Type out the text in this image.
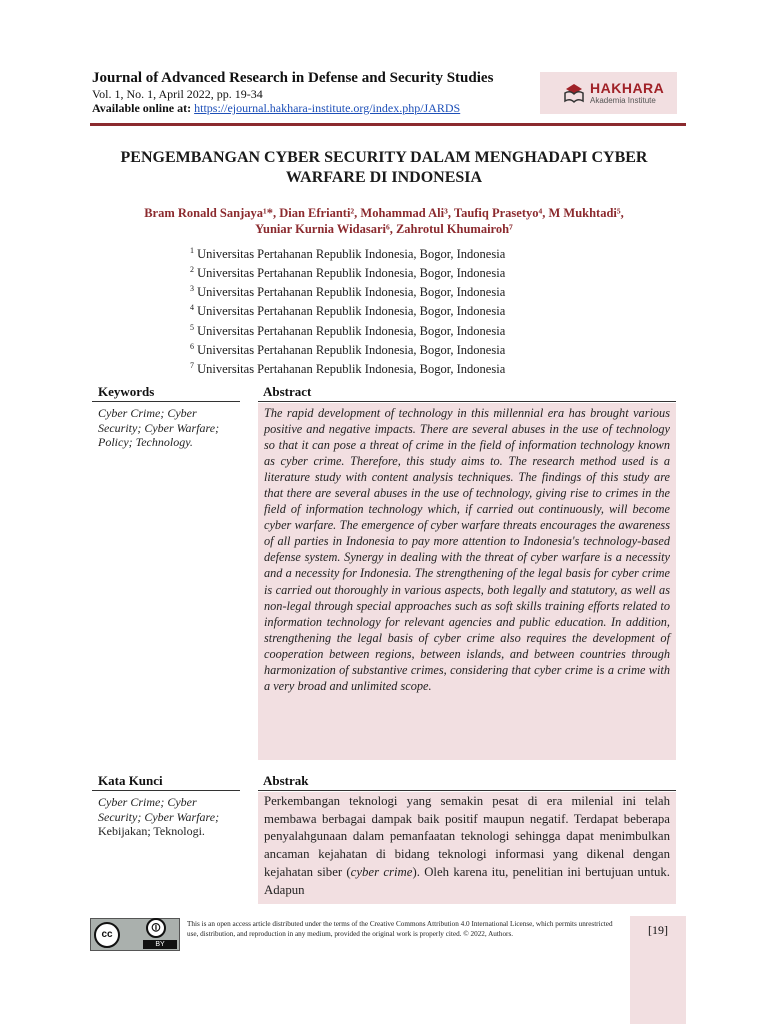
Journal of Advanced Research in Defense and Security Studies
Vol. 1, No. 1, April 2022, pp. 19-34
Available online at: https://ejournal.hakhara-institute.org/index.php/JARDS
HAKHARA
Akademia Institute
PENGEMBANGAN CYBER SECURITY DALAM MENGHADAPI CYBER
WARFARE DI INDONESIA
Bram Ronald Sanjaya¹*, Dian Efrianti², Mohammad Ali³, Taufiq Prasetyo⁴, M Mukhtadi⁵,
Yuniar Kurnia Widasari⁶, Zahrotul Khumairoh⁷
$^1$ Universitas Pertahanan Republik Indonesia, Bogor, Indonesia
$^2$ Universitas Pertahanan Republik Indonesia, Bogor, Indonesia
$^3$ Universitas Pertahanan Republik Indonesia, Bogor, Indonesia
$^4$ Universitas Pertahanan Republik Indonesia, Bogor, Indonesia
$^5$ Universitas Pertahanan Republik Indonesia, Bogor, Indonesia
$^6$ Universitas Pertahanan Republik Indonesia, Bogor, Indonesia
$^7$ Universitas Pertahanan Republik Indonesia, Bogor, Indonesia
Keywords
Cyber Crime; Cyber Security; Cyber Warfare; Policy; Technology.
Abstract
The rapid development of technology in this millennial era has brought various positive and negative impacts. There are several abuses in the use of technology so that it can pose a threat of crime in the field of information technology known as cyber crime. Therefore, this study aims to. The research method used is a literature study with content analysis techniques. The findings of this study are that there are several abuses in the use of technology, giving rise to crimes in the field of information technology which, if carried out continuously, will become cyber warfare. The emergence of cyber warfare threats encourages the awareness of all parties in Indonesia to pay more attention to Indonesia's technology-based defense system. Synergy in dealing with the threat of cyber warfare is a necessity and a necessity for Indonesia. The strengthening of the legal basis for cyber crime is carried out thoroughly in various aspects, both legally and statutory, as well as non-legal through special approaches such as soft skills training efforts related to information technology for relevant agencies and public education. In addition, strengthening the legal basis of cyber crime also requires the development of cooperation between regions, between islands, and between countries through harmonization of substantive crimes, considering that cyber crime is a crime with a very broad and unlimited scope.
Kata Kunci
Cyber Crime; Cyber Security; Cyber Warfare; Kebijakan; Teknologi.
Abstrak
Perkembangan teknologi yang semakin pesat di era milenial ini telah membawa berbagai dampak baik positif maupun negatif. Terdapat beberapa penyalahgunaan dalam pemanfaatan teknologi sehingga dapat menimbulkan ancaman kejahatan di bidang teknologi informasi yang dikenal dengan kejahatan siber (cyber crime). Oleh karena itu, penelitian ini bertujuan untuk. Adapun
cc
🛈
BY
This is an open access article distributed under the terms of the Creative Commons Attribution 4.0 International License, which permits unrestricted use, distribution, and reproduction in any medium, provided the original work is properly cited. © 2022, Authors.	[19]
